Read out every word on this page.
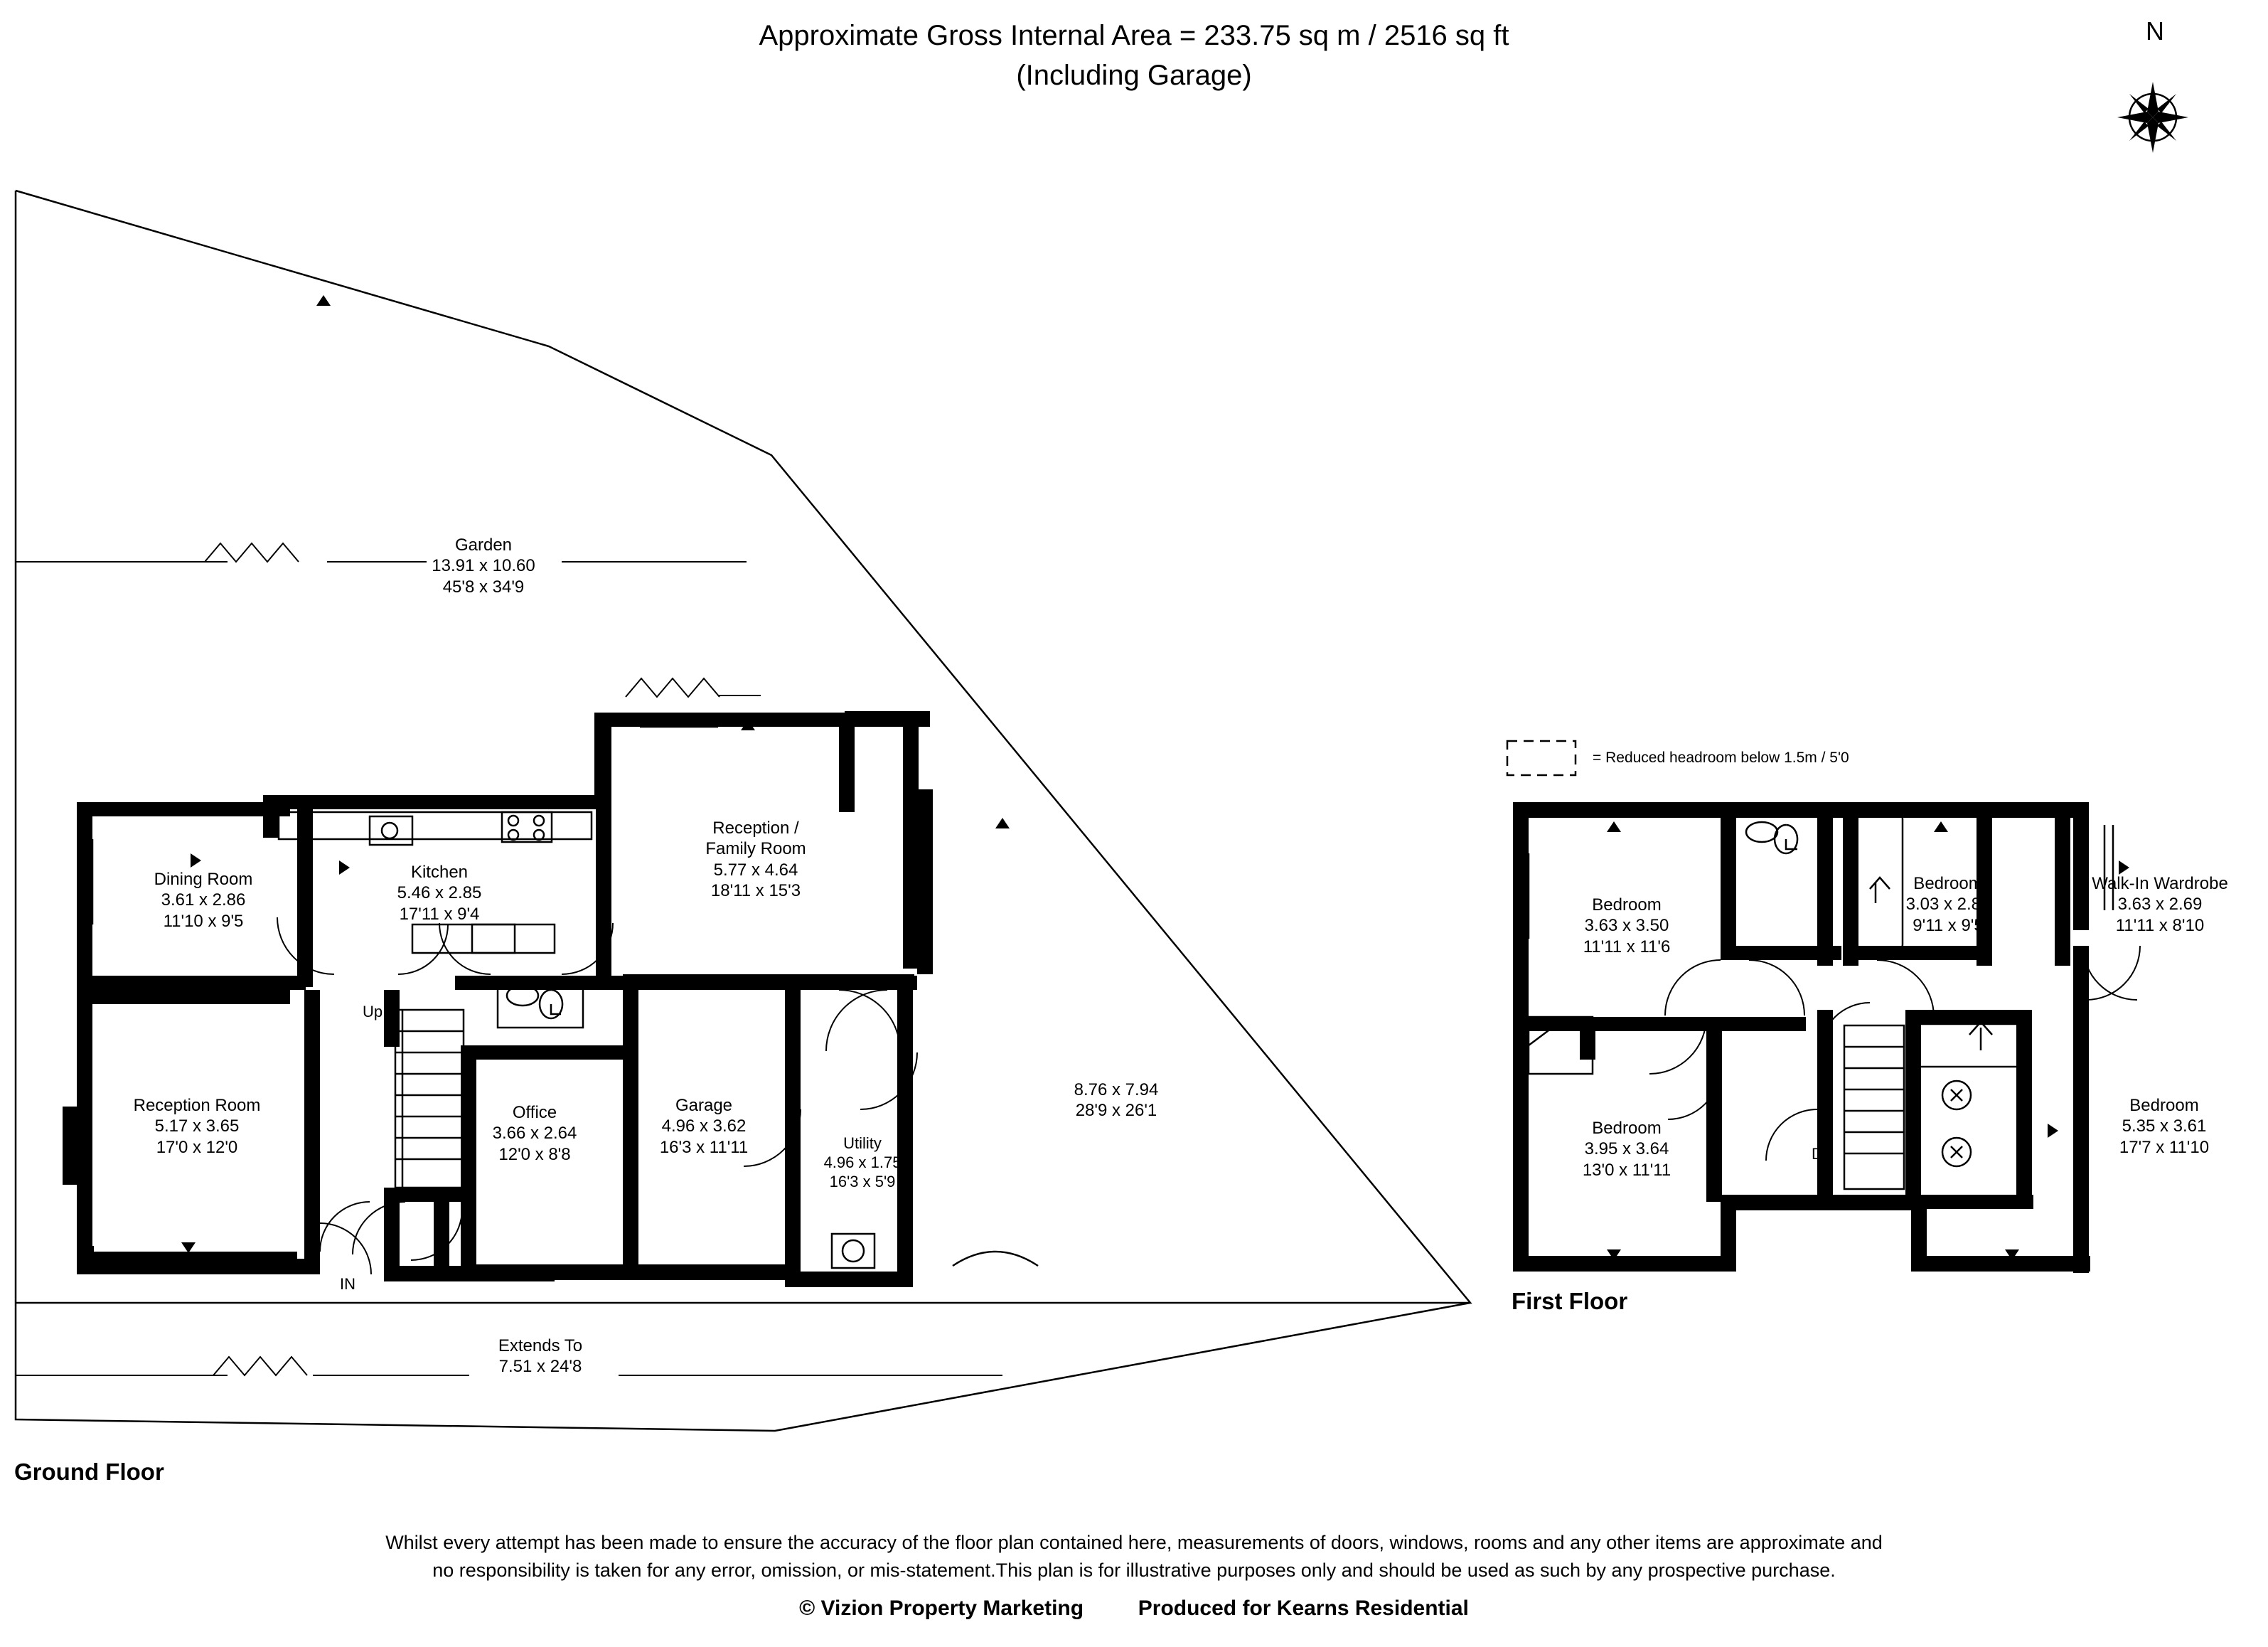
Approximate Gross Internal Area = 233.75 sq m / 2516 sq ft
(Including Garage)
N
Garden
13.91 x 10.60
45'8 x 34'9
Dining Room
3.61 x 2.86
11'10 x 9'5
Kitchen
5.46 x 2.85
17'11 x 9'4
Reception /
Family Room
5.77 x 4.64
18'11 x 15'3
Reception Room
5.17 x 3.65
17'0 x 12'0
Office
3.66 x 2.64
12'0 x 8'8
Garage
4.96 x 3.62
16'3 x 11'11	Utility
4.96 x 1.75
16'3 x 5'9
8.76 x 7.94
28'9 x 26'1
Extends To
7.51 x 24'8
Up
IN
Ground Floor
= Reduced headroom below 1.5m / 5'0
Bedroom
3.63 x 3.50
11'11 x 11'6
Bedroom
3.03 x 2.86
9'11 x 9'5
Walk-In Wardrobe
3.63 x 2.69
11'11 x 8'10
Bedroom
3.95 x 3.64
13'0 x 11'11
Bedroom
5.35 x 3.61
17'7 x 11'10
Dn
First Floor
Whilst every attempt has been made to ensure the accuracy of the floor plan contained here, measurements of doors, windows, rooms and any other items are approximate and
no responsibility is taken for any error, omission, or mis-statement.This plan is for illustrative purposes only and should be used as such by any prospective purchase.
© Vizion Property Marketing	Produced for Kearns Residential
